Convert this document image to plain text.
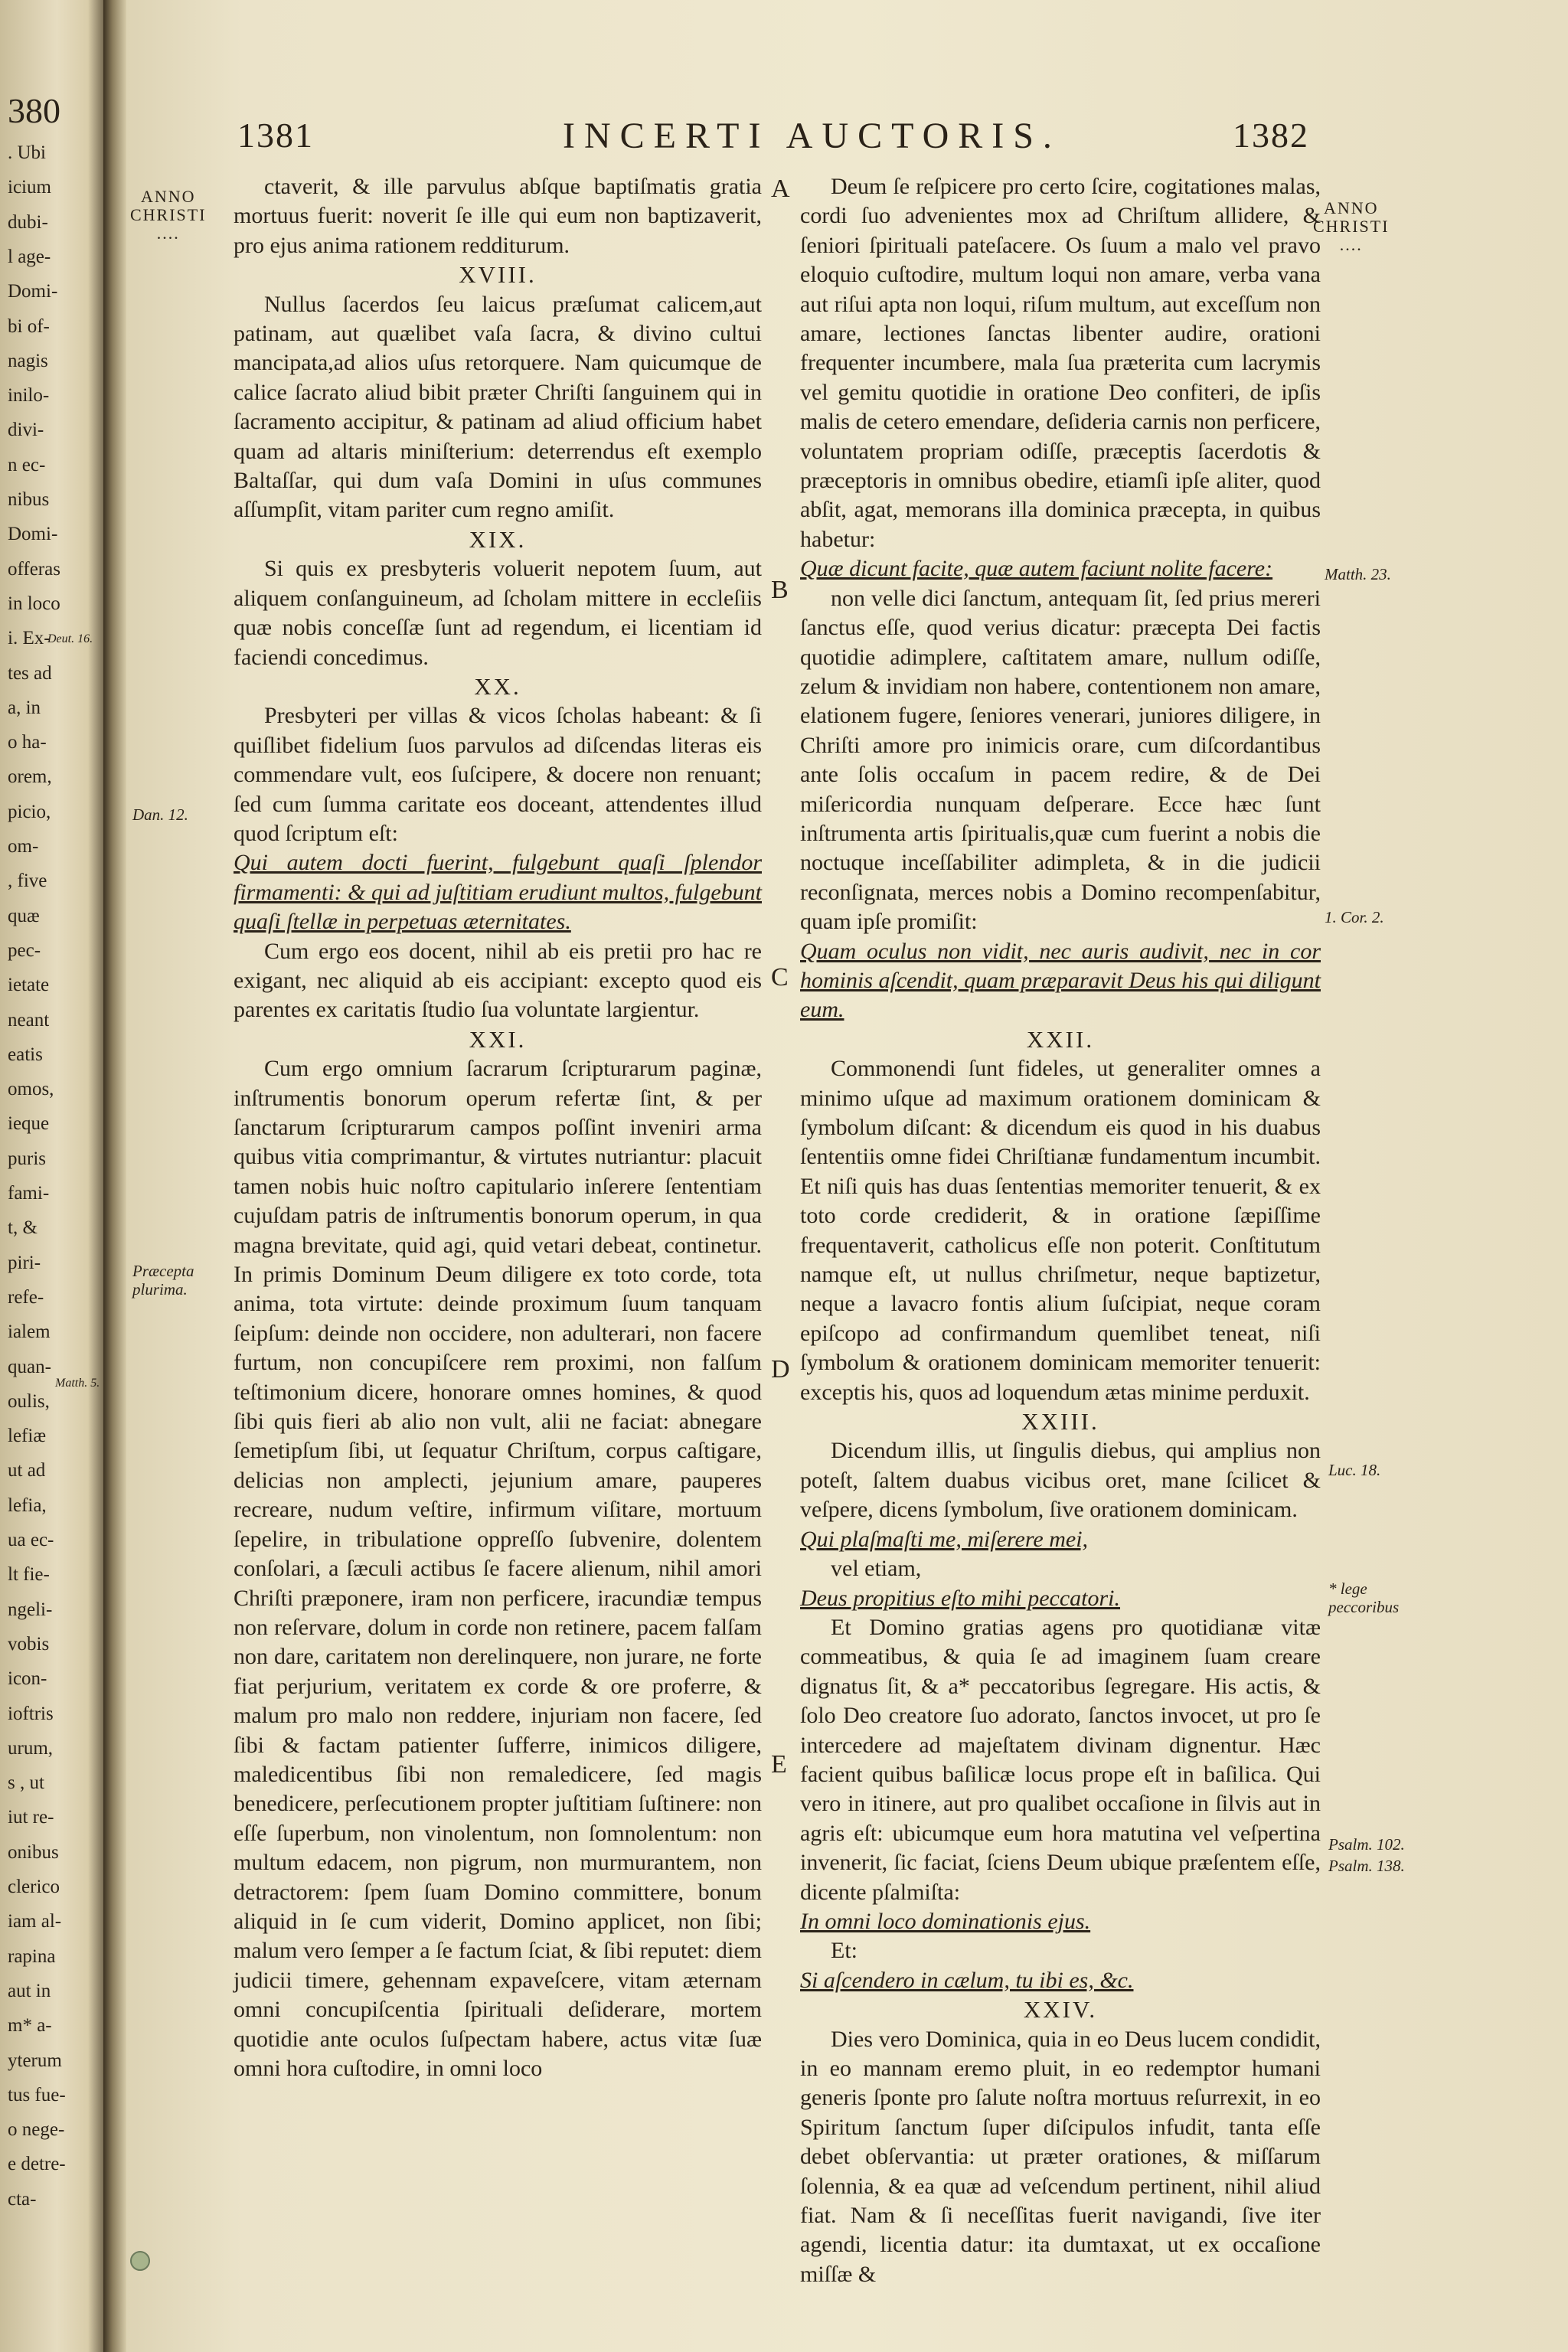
380
. Ubi
icium
dubi-
l age-
Domi-
bi of-
nagis
inilo-
divi-
n ec-
nibus
Domi-
offeras
in loco
i. Ex-
tes ad
a, in
o ha-
orem,
picio,
om-
, five
quæ
pec-
ietate
neant
eatis
omos,
ieque
puris
fami-
t, &
piri-
refe-
ialem
quan-
oulis,
lefiæ
ut ad
lefia,
ua ec-
lt fie-
ngeli-
vobis
icon-
ioftris
urum,
s , ut
iut re-
onibus
clerico
iam al-
rapina
aut in
m* a-
yterum
tus fue-
o nege-
e detre-
cta-
Deut. 16.
Matth. 5.
1381	INCERTI AUCTORIS.	1382
ANNO
CHRISTI
....
ANNO
CHRISTI
....
Dan. 12.
Præcepta plurima.
Matth. 23.
1. Cor. 2.
Luc. 18.
* lege peccoribus
Psalm. 102.
Psalm. 138.
A
B
C
D
E

ctaverit, & ille parvulus abſque baptiſmatis gratia mortuus fuerit: noverit ſe ille qui eum non baptizaverit, pro ejus anima rationem redditurum.

XVIII.

Nullus ſacerdos ſeu laicus præſumat calicem,aut patinam, aut quælibet vaſa ſacra, & divino cultui mancipata,ad alios uſus retorquere. Nam quicumque de calice ſacrato aliud bibit præter Chriſti ſanguinem qui in ſacramento accipitur, & patinam ad aliud officium habet quam ad altaris miniſterium: deterrendus eſt exemplo Baltaſſar, qui dum vaſa Domini in uſus communes aſſumpſit, vitam pariter cum regno amiſit.

XIX.

Si quis ex presbyteris voluerit nepotem ſuum, aut aliquem conſanguineum, ad ſcholam mittere in eccleſiis quæ nobis conceſſæ ſunt ad regendum, ei licentiam id faciendi concedimus.

XX.

Presbyteri per villas & vicos ſcholas habeant: & ſi quiſlibet fidelium ſuos parvulos ad diſcendas literas eis commendare vult, eos ſuſcipere, & docere non renuant; ſed cum ſumma caritate eos doceant, attendentes illud quod ſcriptum eſt:

Qui autem docti fuerint, fulgebunt quaſi ſplendor firmamenti: & qui ad juſtitiam erudiunt multos, fulgebunt quaſi ſtellæ in perpetuas æternitates.

Cum ergo eos docent, nihil ab eis pretii pro hac re exigant, nec aliquid ab eis accipiant: excepto quod eis parentes ex caritatis ſtudio ſua voluntate largientur.

XXI.

Cum ergo omnium ſacrarum ſcripturarum paginæ, inſtrumentis bonorum operum refertæ ſint, & per ſanctarum ſcripturarum campos poſſint inveniri arma quibus vitia comprimantur, & virtutes nutriantur: placuit tamen nobis huic noſtro capitulario inſerere ſententiam cujuſdam patris de inſtrumentis bonorum operum, in qua magna brevitate, quid agi, quid vetari debeat, continetur. In primis Dominum Deum diligere ex toto corde, tota anima, tota virtute: deinde proximum ſuum tanquam ſeipſum: deinde non occidere, non adulterari, non facere furtum, non concupiſcere rem proximi, non falſum teſtimonium dicere, honorare omnes homines, & quod ſibi quis fieri ab alio non vult, alii ne faciat: abnegare ſemetipſum ſibi, ut ſequatur Chriſtum, corpus caſtigare, delicias non amplecti, jejunium amare, pauperes recreare, nudum veſtire, infirmum viſitare, mortuum ſepelire, in tribulatione oppreſſo ſubvenire, dolentem conſolari, a ſæculi actibus ſe facere alienum, nihil amori Chriſti præponere, iram non perficere, iracundiæ tempus non reſervare, dolum in corde non retinere, pacem falſam non dare, caritatem non derelinquere, non jurare, ne forte fiat perjurium, veritatem ex corde & ore proferre, & malum pro malo non reddere, injuriam non facere, ſed ſibi & factam patienter ſufferre, inimicos diligere, maledicentibus ſibi non remaledicere, ſed magis benedicere, perſecutionem propter juſtitiam ſuſtinere: non eſſe ſuperbum, non vinolentum, non ſomnolentum: non multum edacem, non pigrum, non murmurantem, non detractorem: ſpem ſuam Domino committere, bonum aliquid in ſe cum viderit, Domino applicet, non ſibi; malum vero ſemper a ſe factum ſciat, & ſibi reputet: diem judicii timere, gehennam expaveſcere, vitam æternam omni concupiſcentia ſpirituali deſiderare, mortem quotidie ante oculos ſuſpectam habere, actus vitæ ſuæ omni hora cuſtodire, in omni loco

Deum ſe reſpicere pro certo ſcire, cogitationes malas, cordi ſuo advenientes mox ad Chriſtum allidere, & ſeniori ſpirituali pateſacere. Os ſuum a malo vel pravo eloquio cuſtodire, multum loqui non amare, verba vana aut riſui apta non loqui, riſum multum, aut exceſſum non amare, lectiones ſanctas libenter audire, orationi frequenter incumbere, mala ſua præterita cum lacrymis vel gemitu quotidie in oratione Deo confiteri, de ipſis malis de cetero emendare, deſideria carnis non perficere, voluntatem propriam odiſſe, præceptis ſacerdotis & præceptoris in omnibus obedire, etiamſi ipſe aliter, quod abſit, agat, memorans illa dominica præcepta, in quibus habetur:

Quæ dicunt facite, quæ autem faciunt nolite facere:

non velle dici ſanctum, antequam ſit, ſed prius mereri ſanctus eſſe, quod verius dicatur: præcepta Dei factis quotidie adimplere, caſtitatem amare, nullum odiſſe, zelum & invidiam non habere, contentionem non amare, elationem fugere, ſeniores venerari, juniores diligere, in Chriſti amore pro inimicis orare, cum diſcordantibus ante ſolis occaſum in pacem redire, & de Dei miſericordia nunquam deſperare. Ecce hæc ſunt inſtrumenta artis ſpiritualis,quæ cum fuerint a nobis die noctuque inceſſabiliter adimpleta, & in die judicii reconſignata, merces nobis a Domino recompenſabitur, quam ipſe promiſit:

Quam oculus non vidit, nec auris audivit, nec in cor hominis aſcendit, quam præparavit Deus his qui diligunt eum.

XXII.

Commonendi ſunt fideles, ut generaliter omnes a minimo uſque ad maximum orationem dominicam & ſymbolum diſcant: & dicendum eis quod in his duabus ſententiis omne fidei Chriſtianæ fundamentum incumbit. Et niſi quis has duas ſententias memoriter tenuerit, & ex toto corde crediderit, & in oratione ſæpiſſime frequentaverit, catholicus eſſe non poterit. Conſtitutum namque eſt, ut nullus chriſmetur, neque baptizetur, neque a lavacro fontis alium ſuſcipiat, neque coram epiſcopo ad confirmandum quemlibet teneat, niſi ſymbolum & orationem dominicam memoriter tenuerit: exceptis his, quos ad loquendum ætas minime perduxit.

XXIII.

Dicendum illis, ut ſingulis diebus, qui amplius non poteſt, ſaltem duabus vicibus oret, mane ſcilicet & veſpere, dicens ſymbolum, ſive orationem dominicam.

Qui plaſmaſti me, miſerere mei,

vel etiam,

Deus propitius eſto mihi peccatori.

Et Domino gratias agens pro quotidianæ vitæ commeatibus, & quia ſe ad imaginem ſuam creare dignatus ſit, & a* peccatoribus ſegregare. His actis, & ſolo Deo creatore ſuo adorato, ſanctos invocet, ut pro ſe intercedere ad majeſtatem divinam dignentur. Hæc facient quibus baſilicæ locus prope eſt in baſilica. Qui vero in itinere, aut pro qualibet occaſione in ſilvis aut in agris eſt: ubicumque eum hora matutina vel veſpertina invenerit, ſic faciat, ſciens Deum ubique præſentem eſſe, dicente pſalmiſta:

In omni loco dominationis ejus.

Et:

Si aſcendero in cælum, tu ibi es, &c.

XXIV.

Dies vero Dominica, quia in eo Deus lucem condidit, in eo mannam eremo pluit, in eo redemptor humani generis ſponte pro ſalute noſtra mortuus reſurrexit, in eo Spiritum ſanctum ſuper diſcipulos infudit, tanta eſſe debet obſervantia: ut præter orationes, & miſſarum ſolennia, & ea quæ ad veſcendum pertinent, nihil aliud fiat. Nam & ſi neceſſitas fuerit navigandi, ſive iter agendi, licentia datur: ita dumtaxat, ut ex occaſione miſſæ &
